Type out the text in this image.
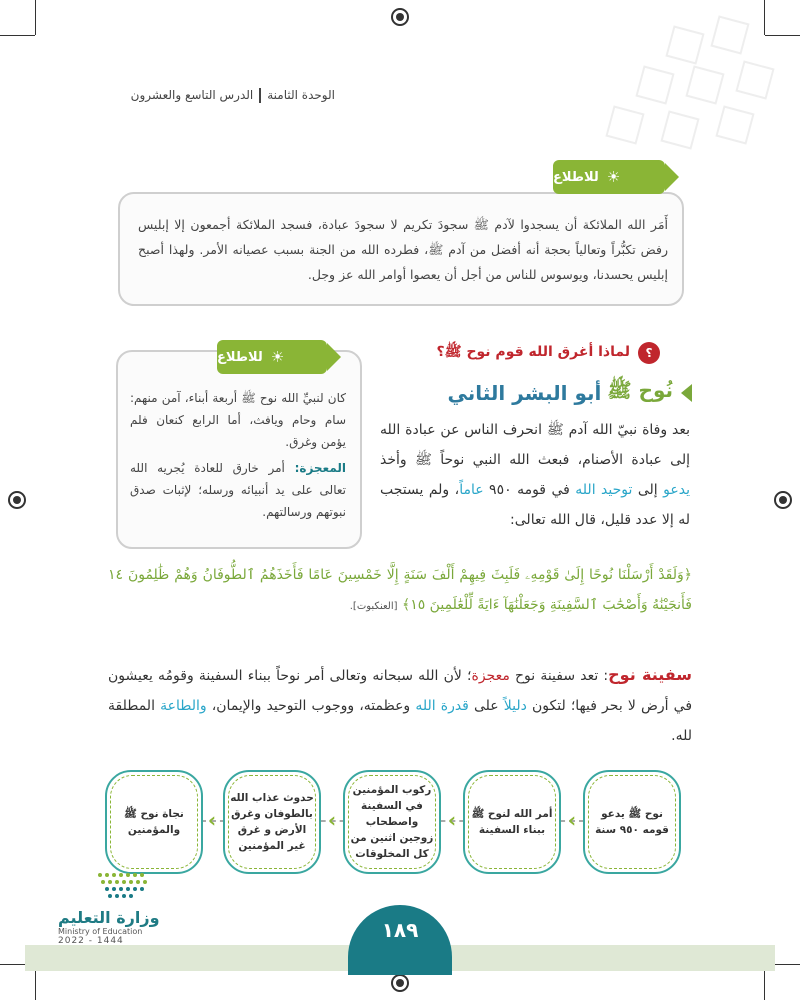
الوحدة الثامنةالدرس التاسع والعشرون
أَمَر الله الملائكة أن يسجدوا لآدم ﷺ سجودَ تكريم لا سجودَ عبادة، فسجد الملائكة أجمعون إلا إبليس رفض تكبُّراً وتعالياً بحجة أنه أفضل من آدم ﷺ، فطرده الله من الجنة بسبب عصيانه الأمر. ولهذا أصبح إبليس يحسدنا، ويوسوس للناس من أجل أن يعصوا أوامر الله عز وجل.
☀
للاطلاع
؟
لماذا أغرق الله قوم نوح ﷺ؟
نُوح ﷺ
أبو البشر الثاني
كان لنبيِّ الله نوح ﷺ أربعة أبناء، آمن منهم: سام وحام ويافث، أما الرابع كنعان فلم يؤمن وغرق.
المعجزة: أمر خارق للعادة يُجريه الله تعالى على يد أنبيائه ورسله؛ لإثبات صدق نبوتهم ورسالتهم.
☀
للاطلاع
بعد وفاة نبيّ الله آدم ﷺ انحرف الناس عن عبادة الله إلى عبادة الأصنام، فبعث الله النبي نوحاً ﷺ وأخذ يدعو إلى توحيد الله في قومه ٩٥٠ عاماً، ولم يستجب له إلا عدد قليل، قال الله تعالى:
﴿وَلَقَدْ أَرْسَلْنَا نُوحًا إِلَىٰ قَوْمِهِۦ فَلَبِثَ فِيهِمْ أَلْفَ سَنَةٍ إِلَّا خَمْسِينَ عَامًا فَأَخَذَهُمُ ٱلطُّوفَانُ وَهُمْ ظَٰلِمُونَ ١٤ فَأَنجَيْنَٰهُ وَأَصْحَٰبَ ٱلسَّفِينَةِ وَجَعَلْنَٰهَآ ءَايَةً لِّلْعَٰلَمِينَ ١٥﴾ [العنكبوت].
سفينة نوح: تعد سفينة نوح معجزة؛ لأن الله سبحانه وتعالى أمر نوحاً ببناء السفينة وقومُه يعيشون في أرض لا بحر فيها؛ لتكون دليلاً على قدرة الله وعظمته، ووجوب التوحيد والإيمان، والطاعة المطلقة لله.
نوح ﷺ يدعو قومه ٩٥٠ سنة
‹
أمر الله لنوح ﷺ ببناء السفينة
‹
ركوب المؤمنين في السفينة واصطحاب زوجين اثنين من كل المخلوقات
‹
حدوث عذاب الله بالطوفان وغرق الأرض و غرق غير المؤمنين
‹
نجاة نوح ﷺ والمؤمنين
١٨٩
وزارة التعليم
Ministry of Education
2022 - 1444
